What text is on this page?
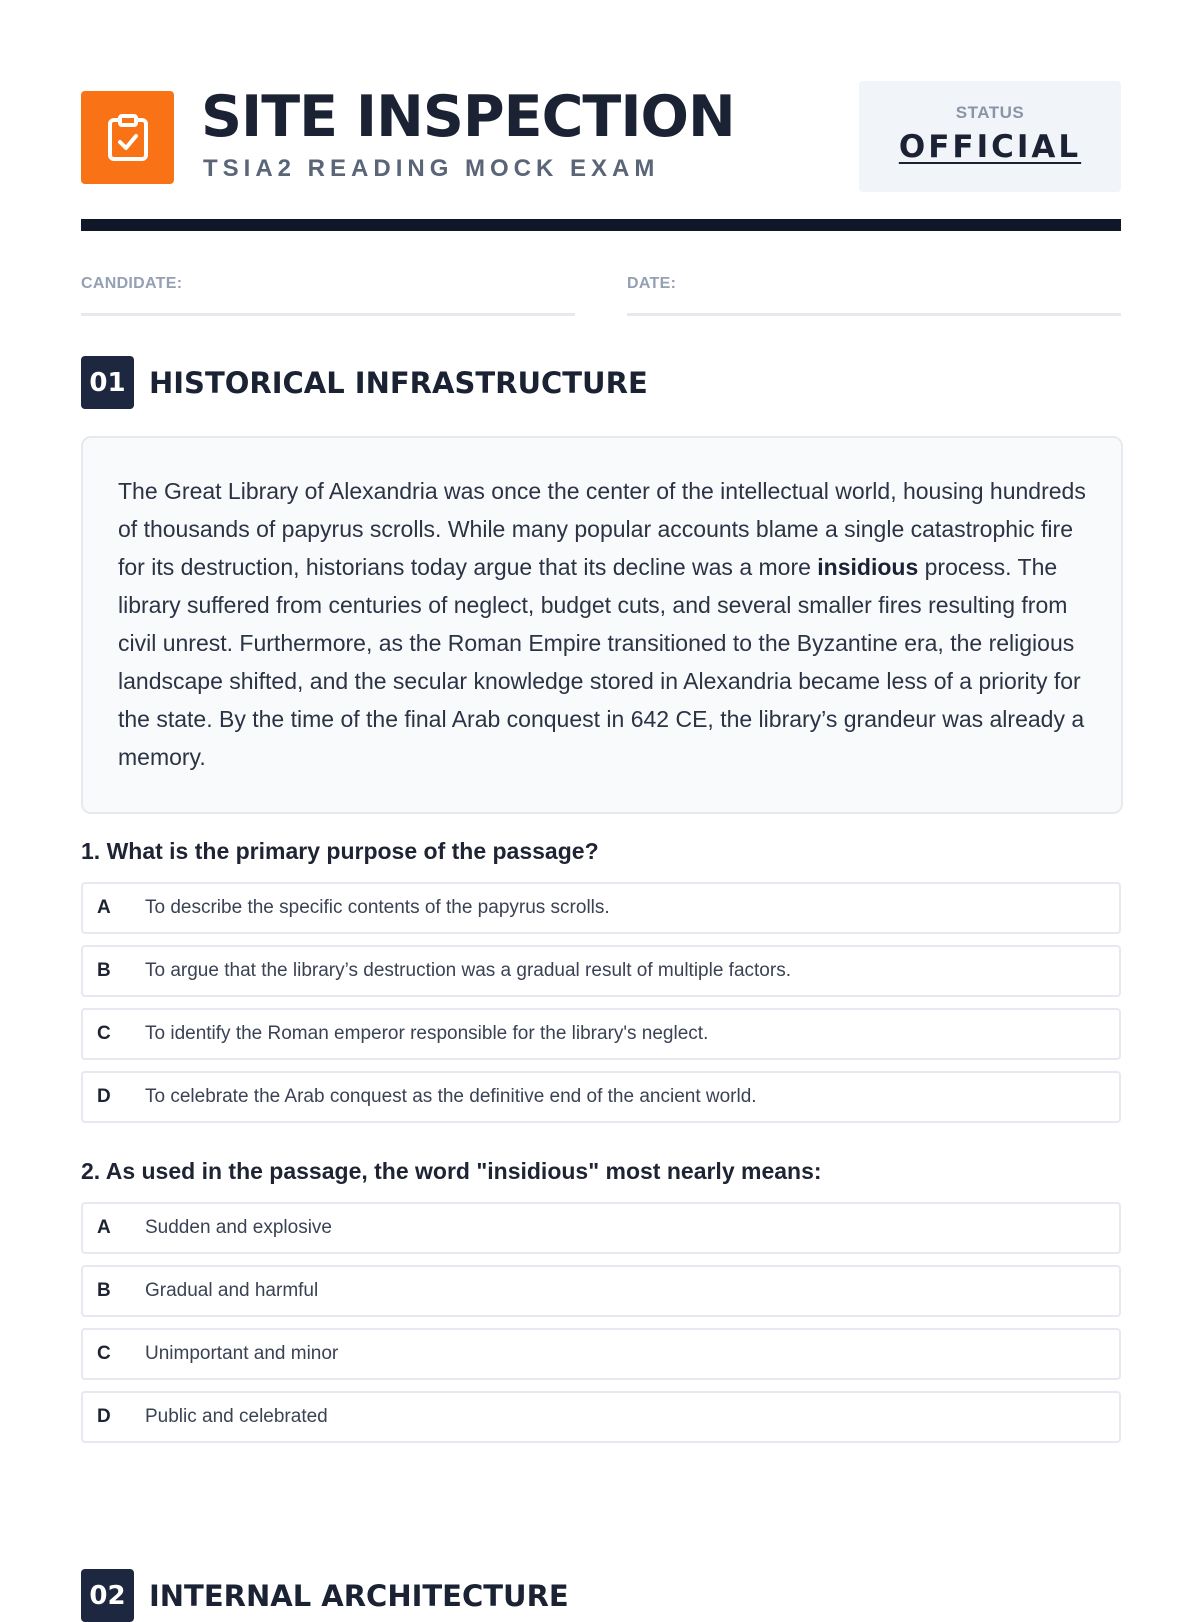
SITE INSPECTION
TSIA2 READING MOCK EXAM
STATUS
OFFICIAL
CANDIDATE:	DATE:
01 HISTORICAL INFRASTRUCTURE
The Great Library of Alexandria was once the center of the intellectual world, housing hundreds of thousands of papyrus scrolls. While many popular accounts blame a single catastrophic fire for its destruction, historians today argue that its decline was a more insidious process. The library suffered from centuries of neglect, budget cuts, and several smaller fires resulting from civil unrest. Furthermore, as the Roman Empire transitioned to the Byzantine era, the religious landscape shifted, and the secular knowledge stored in Alexandria became less of a priority for the state. By the time of the final Arab conquest in 642 CE, the library’s grandeur was already a memory.
1. What is the primary purpose of the passage?
A	To describe the specific contents of the papyrus scrolls.
B	To argue that the library’s destruction was a gradual result of multiple factors.
C	To identify the Roman emperor responsible for the library's neglect.
D	To celebrate the Arab conquest as the definitive end of the ancient world.
2. As used in the passage, the word "insidious" most nearly means:
A	Sudden and explosive
B	Gradual and harmful
C	Unimportant and minor
D	Public and celebrated
02 INTERNAL ARCHITECTURE
